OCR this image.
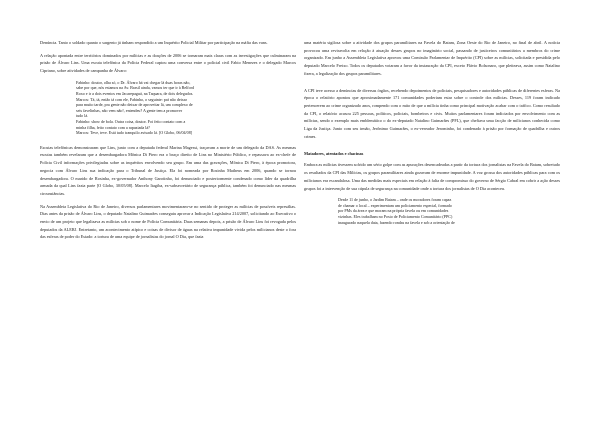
Denúncia. Tanto o soldado quanto o sargento já tinham respondido a um Inquérito Policial Militar por participação na máfia das vans.

A relação apontada entre territórios dominados por milícias e as doações de 2006 se tornaram mais claras com as investigações que culminaram na prisão de Álvaro Lins. Uma escuta telefônica da Polícia Federal captou uma conversa entre o policial civil Fabio Menezes e o delegado Marcos Cipriano, sobre atividades de campanha de Álvaro:

Fabinho: doutor, olha só, o Dr. Álvaro há vai chegar lá duas horas não,
sabe por que, nós estamos na Av. Brasil ainda, vamos ter que ir à Belford
Roxo e ir a dois eventos em Jacarepaguá, na Taquara, de dois delegados.
Marcos: Tá, tá, então tá com ele, Fabinho, o seguinte: prá não deixar
para muito tarde, pra gente não deixar de aproveitar lá, um complexo de
seis favelinhas, não vem não!, entendeu? A gente tem a promover
tudo lá.
Fabinho: show de bola. Outra coisa, doutor. Foi feito contato com a
minha filha, feito contato com a rapaziada lá?
Marcos: Teve, teve. Está tudo tranquilo avisado lá. [O Globo, 06/04/08]

Escutas telefônicas demonstraram que Lins, junto com a deputada federal Marina Magessi, traçavam a morte de um delegado da DAS. As mesmas escutas também revelaram que a desembargadora Mônica Di Piero era o braço direito de Lins no Ministério Público, e repassava ao ex-chefe de Polícia Civil informações privilegiadas sobre as inquéritos envolvendo seu grupo. Em uma das gravações, Mônica Di Piero, à época promotora, negocia com Álvaro Lins sua indicação para o Tribunal de Justiça. Ela foi nomeada por Rosinha Matheus em 2006, quando se tornou desembargadora. O marido de Rosinha, ex-governador Anthony Garotinho, foi denunciado e posteriormente condenado como líder da quadrilha armada da qual Lins fazia parte [O Globo, 30/05/08]. Marcelo Itagiba, ex-subsecretário de segurança pública, também foi denunciado nas mesmas circunstâncias.

Na Assembleia Legislativa do Rio de Janeiro, diversos parlamentares movimentaram-se no sentido de proteger as milícias de possíveis represálias. Dias antes da prisão de Álvaro Lins, o deputado Natalino Guimarães conseguiu aprovar a Indicação Legislativa 214/2007, solicitando ao Executivo o envio de um projeto que legalizava as milícias sob o nome de Polícia Comunitária. Duas semanas depois, a prisão de Álvaro Lins foi revogada pelos deputados da ALERJ. Entretanto, um acontecimento atípico e coisas de divisor de águas na relativa impunidade vivida pelos milicianos deste o fora das esferas de poder do Estado: a tortura de uma equipe de jornalistas do jornal O Dia, que fazia

uma matéria sigilosa sobre a atividade dos grupos paramilitares na Favela do Batam, Zona Oeste do Rio de Janeiro, no final de abril. A notícia provocou uma reviravolta em relação à atuação desses grupos no imaginário social, passando de justiceiros comunitários a membros do crime organizado. Em junho a Assembleia Legislativa aprovou uma Comissão Parlamentar de Inquérito (CPI) sobre as milícias, solicitada e presidida pelo deputado Marcelo Freixo. Todos os deputados votaram a favor da instauração da CPI, exceto Flávio Bolsonaro, que pleiteava, assim como Natalino fizera, a legalização dos grupos paramilitares.

A CPI teve acesso a denúncias de diversas órgãos, recebendo depoimentos de policiais, pesquisadores e autoridades públicas de diferentes esferas. Na época o relatório apontou que aproximadamente 171 comunidades poderiam estar sobre o controle dos milicias. Desses, 119 foram indicado pertencerem ao crime organizado anos, rompendo com o mito de que a milícia tinha como principal motivação acabar com o tráfico. Como resultado da CPI, o relatório acusou 225 pessoas, políticos, policiais, bombeiros e civis. Muitos parlamentares foram indiciados por envolvimento com as milícias, sendo o exemplo mais emblemático o do ex-deputado Natalino Guimarães (PFL), que chefiava uma facção de milicianos conhecida como Liga da Justiça. Junto com seu irmão, Jerônimo Guimarães, o ex-vereador Jerominho, foi condenado à prisão por formação de quadrilha e outros crimes.

Matadores, atentados e chacinas

Embora as milícias tivessem sofrido um sério golpe com as apurações desencadeadas a partir da tortura dos jornalistas na Favela do Batam, sobretudo os resultados da CPI das Milícias, os grupos paramilitares ainda gozavam de enorme impunidade. A voz grossa dos autoridades públicas para com os milicianos era escandalosa. Uma das medidas mais especiais em relação à falta de compromisso do governo de Sérgio Cabral em cobrir a ação desses grupos foi a intervenção de sua cúpula de segurança na comunidade onde a tortura dos jornalistas de O Dia aconteceu.

Desde 11 de junho, o Jardim Batam – onde os moradores foram capaz
de chamar o local – experimentam um policiamento especial, formado
por PMs da área e que moram na própria favela ou em comunidades
vizinhas. Eles trabalham no Posto de Policiamento Comunitário (PPC)
inaugurado naquela data, fazendo rondas na favela e sob a orientação de
